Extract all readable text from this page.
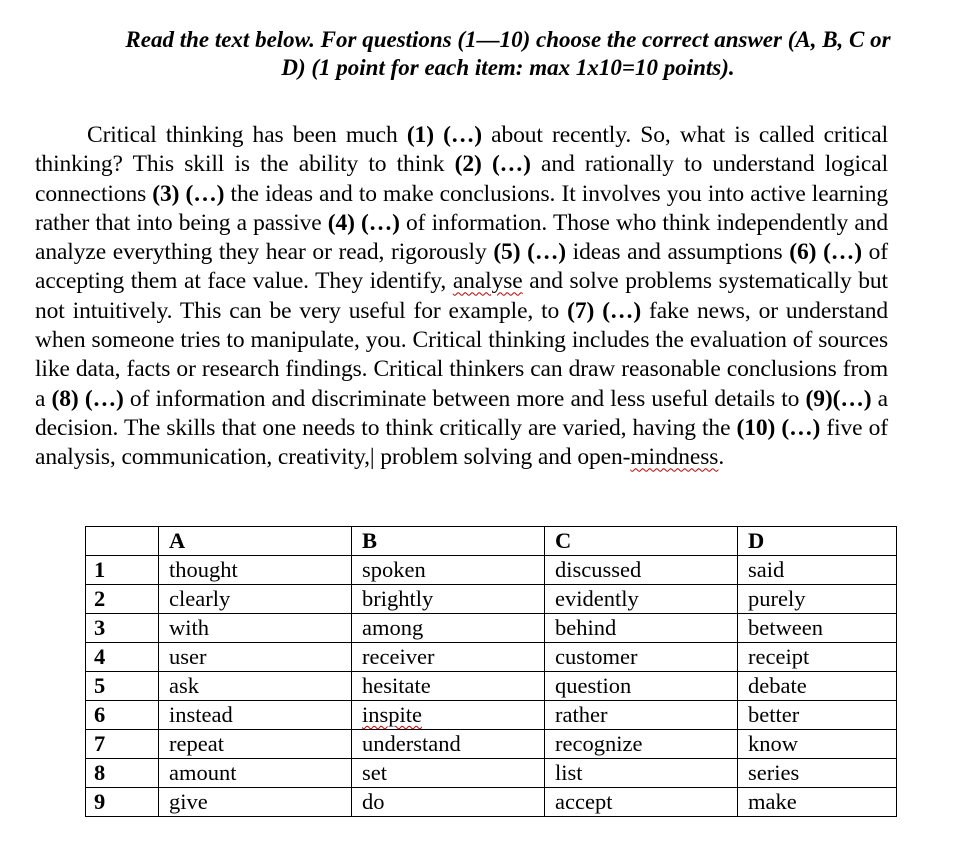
Read the text below. For questions (1—10) choose the correct answer (A, B, C or
D) (1 point for each item: max 1x10=10 points).
Critical thinking has been much (1) (…) about recently. So, what is called critical thinking? This skill is the ability to think (2) (…) and rationally to understand logical connections (3) (…) the ideas and to make conclusions. It involves you into active learning rather that into being a passive (4) (…) of information. Those who think independently and analyze everything they hear or read, rigorously (5) (…) ideas and assumptions (6) (…) of accepting them at face value. They identify, analyse and solve problems systematically but not intuitively. This can be very useful for example, to (7) (…) fake news, or understand when someone tries to manipulate, you. Critical thinking includes the evaluation of sources like data, facts or research findings. Critical thinkers can draw reasonable conclusions from a (8) (…) of information and discriminate between more and less useful details to (9)(…) a decision. The skills that one needs to think critically are varied, having the (10) (…) five of analysis, communication, creativity,| problem solving and open-mindness.
	A	B	C	D
1	thought	spoken	discussed	said
2	clearly	brightly	evidently	purely
3	with	among	behind	between
4	user	receiver	customer	receipt
5	ask	hesitate	question	debate
6	instead	inspite	rather	better
7	repeat	understand	recognize	know
8	amount	set	list	series
9	give	do	accept	make
